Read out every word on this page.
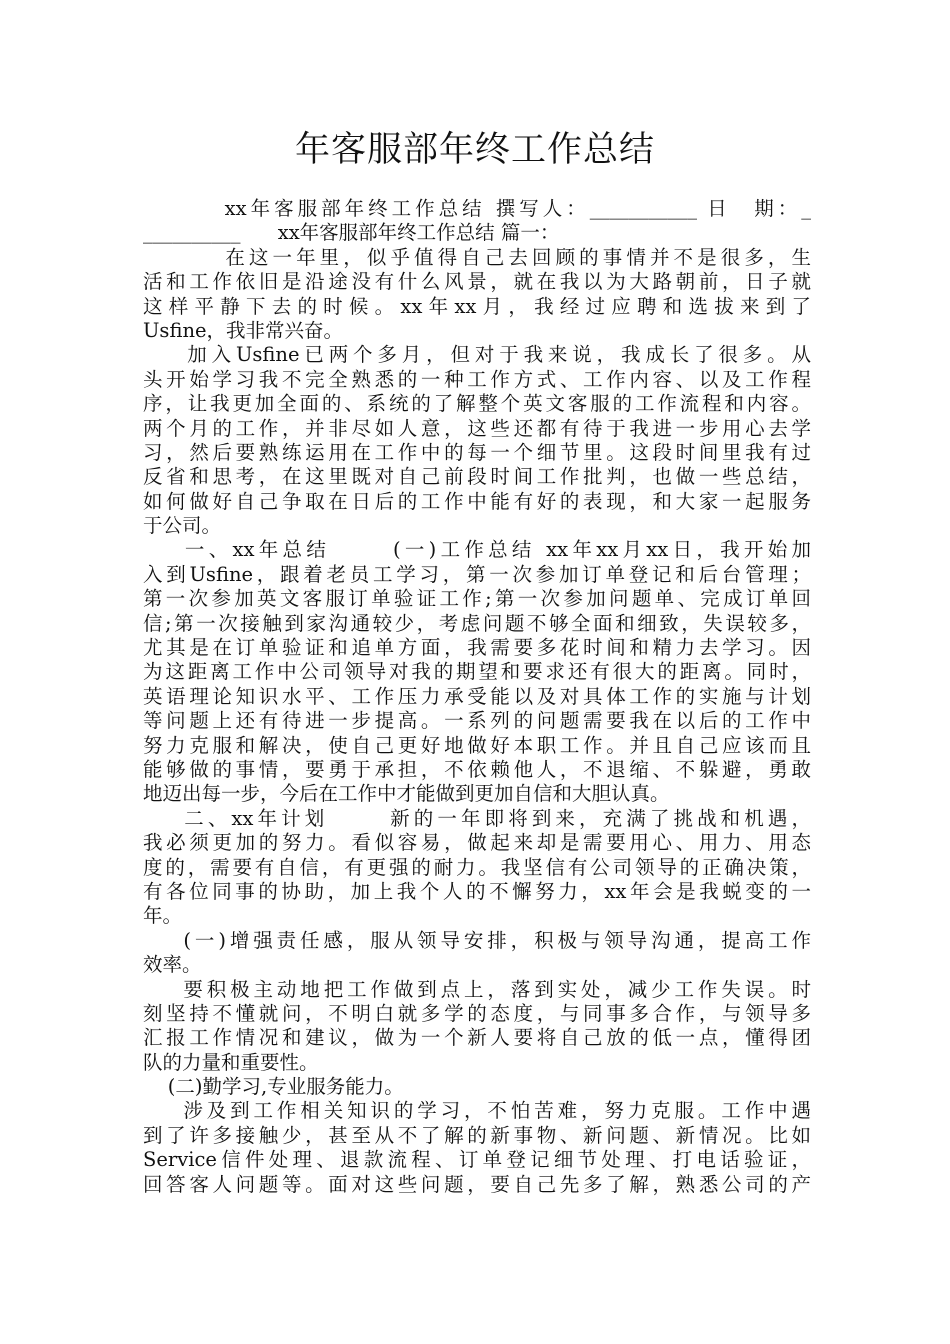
年客服部年终工作总结
xx年客服部年终工作总结 撰写人：___________ 日　期：_
__________      xx年客服部年终工作总结 篇一：
在这一年里，似乎值得自己去回顾的事情并不是很多，生
活和工作依旧是沿途没有什么风景，就在我以为大路朝前，日子就
这样平静下去的时候。xx年xx月，我经过应聘和选拔来到了
Usfine，我非常兴奋。
加入Usfine已两个多月，但对于我来说，我成长了很多。从
头开始学习我不完全熟悉的一种工作方式、工作内容、以及工作程
序，让我更加全面的、系统的了解整个英文客服的工作流程和内容。
两个月的工作，并非尽如人意，这些还都有待于我进一步用心去学
习，然后要熟练运用在工作中的每一个细节里。这段时间里我有过
反省和思考，在这里既对自己前段时间工作批判，也做一些总结，
如何做好自己争取在日后的工作中能有好的表现，和大家一起服务
于公司。
一、xx年总结      (一)工作总结 xx年xx月xx日，我开始加
入到Usfine，跟着老员工学习，第一次参加订单登记和后台管理；
第一次参加英文客服订单验证工作;第一次参加问题单、完成订单回
信;第一次接触到家沟通较少，考虑问题不够全面和细致，失误较多，
尤其是在订单验证和追单方面，我需要多花时间和精力去学习。因
为这距离工作中公司领导对我的期望和要求还有很大的距离。同时，
英语理论知识水平、工作压力承受能以及对具体工作的实施与计划
等问题上还有待进一步提高。一系列的问题需要我在以后的工作中
努力克服和解决，使自己更好地做好本职工作。并且自己应该而且
能够做的事情，要勇于承担，不依赖他人，不退缩、不躲避，勇敢
地迈出每一步，今后在工作中才能做到更加自信和大胆认真。
二、xx年计划      新的一年即将到来，充满了挑战和机遇，
我必须更加的努力。看似容易，做起来却是需要用心、用力、用态
度的，需要有自信，有更强的耐力。我坚信有公司领导的正确决策，
有各位同事的协助，加上我个人的不懈努力，xx年会是我蜕变的一
年。
(一)增强责任感，服从领导安排，积极与领导沟通，提高工作
效率。
要积极主动地把工作做到点上，落到实处，减少工作失误。时
刻坚持不懂就问，不明白就多学的态度，与同事多合作，与领导多
汇报工作情况和建议，做为一个新人要将自己放的低一点，懂得团
队的力量和重要性。
(二)勤学习,专业服务能力。
涉及到工作相关知识的学习，不怕苦难，努力克服。工作中遇
到了许多接触少，甚至从不了解的新事物、新问题、新情况。比如
Service信件处理、退款流程、订单登记细节处理、打电话验证，
回答客人问题等。面对这些问题，要自己先多了解，熟悉公司的产
